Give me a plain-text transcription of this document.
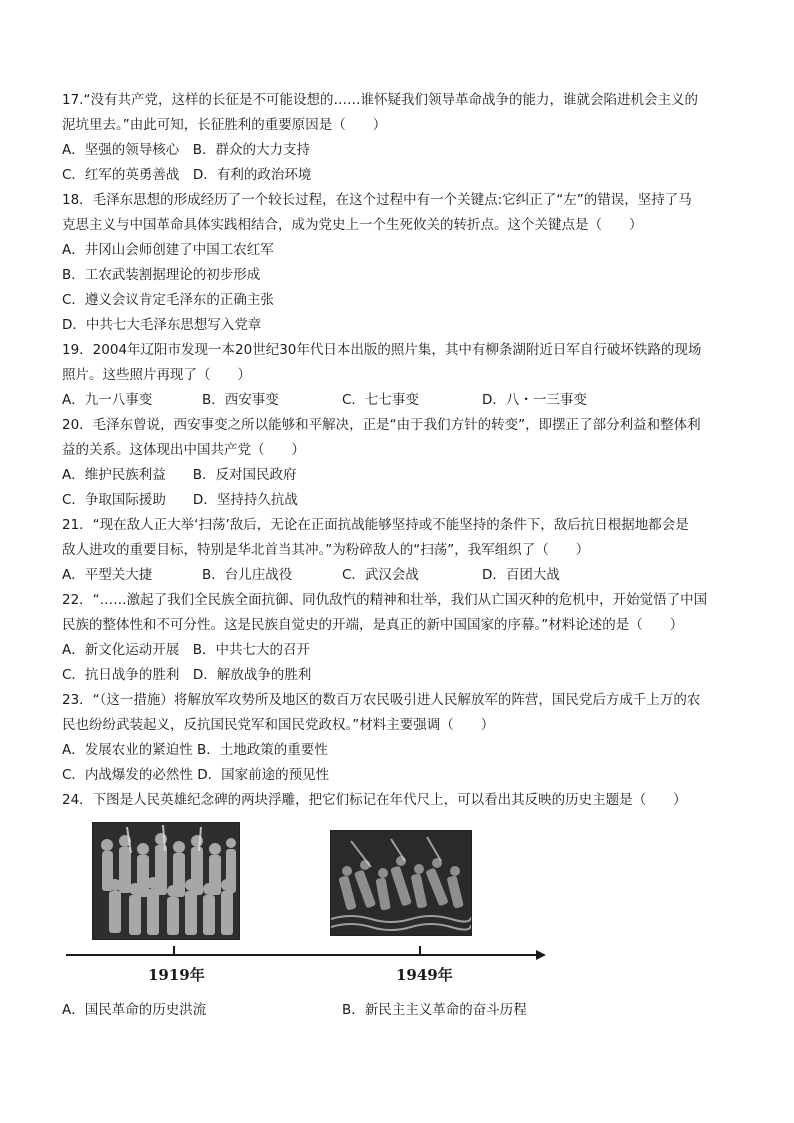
17.“没有共产党，这样的长征是不可能设想的……谁怀疑我们领导革命战争的能力，谁就会陷进机会主义的
泥坑里去。”由此可知，长征胜利的重要原因是（　　）
A．坚强的领导核心　B．群众的大力支持
C．红军的英勇善战　D．有利的政治环境
18．毛泽东思想的形成经历了一个较长过程，在这个过程中有一个关键点:它纠正了“左”的错误，坚持了马
克思主义与中国革命具体实践相结合，成为党史上一个生死攸关的转折点。这个关键点是（　　）
A．井冈山会师创建了中国工农红军
B．工农武装割据理论的初步形成
C．遵义会议肯定毛泽东的正确主张
D．中共七大毛泽东思想写入党章
19．2004年辽阳市发现一本20世纪30年代日本出版的照片集，其中有柳条湖附近日军自行破坏铁路的现场
照片。这些照片再现了（　　）
A．九一八事变	B．西安事变	C．七七事变	D．八・一三事变
20．毛泽东曾说，西安事变之所以能够和平解决，正是“由于我们方针的转变”，即摆正了部分利益和整体利
益的关系。这体现出中国共产党（　　）
A．维护民族利益　　B．反对国民政府
C．争取国际援助　　D．坚持持久抗战
21．“现在敌人正大举‘扫荡’敌后，无论在正面抗战能够坚持或不能坚持的条件下，敌后抗日根据地都会是
敌人进攻的重要目标，特别是华北首当其冲。”为粉碎敌人的“扫荡”，我军组织了（　　）
A．平型关大捷	B．台儿庄战役	C．武汉会战	D．百团大战
22．“……激起了我们全民族全面抗御、同仇敌忾的精神和壮举，我们从亡国灭种的危机中，开始觉悟了中国
民族的整体性和不可分性。这是民族自觉史的开端，是真正的新中国国家的序幕。”材料论述的是（　　）
A．新文化运动开展　B．中共七大的召开
C．抗日战争的胜利　D．解放战争的胜利
23．“（这一措施）将解放军攻势所及地区的数百万农民吸引进人民解放军的阵营，国民党后方成千上万的农
民也纷纷武装起义，反抗国民党军和国民党政权。”材料主要强调（　　）
A．发展农业的紧迫性 B．土地政策的重要性
C．内战爆发的必然性 D．国家前途的预见性
24．下图是人民英雄纪念碑的两块浮雕，把它们标记在年代尺上，可以看出其反映的历史主题是（　　）
1919年	1949年
A．国民革命的历史洪流	B．新民主主义革命的奋斗历程
